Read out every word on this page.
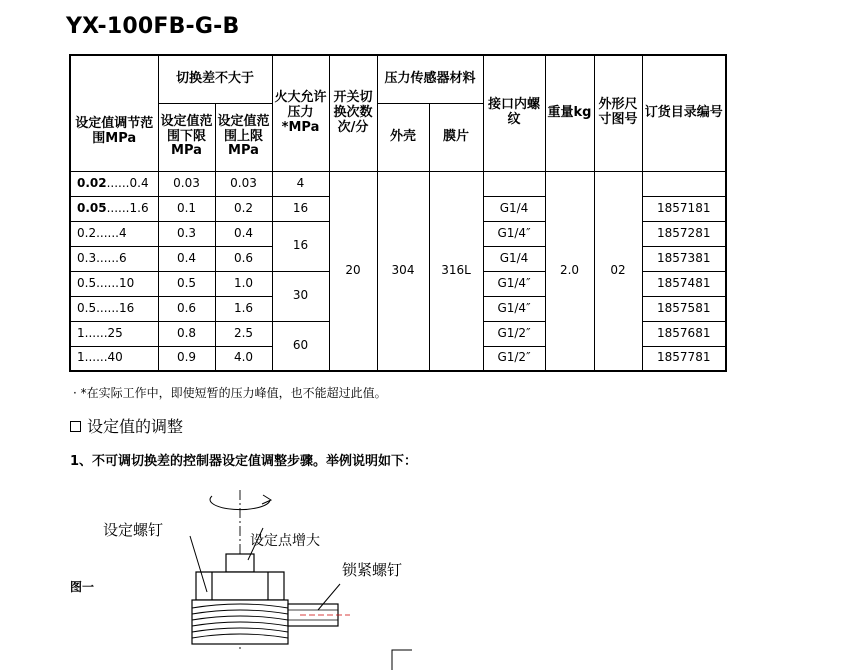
YX-100FB-G-B
设定值调节范围MPa	切换差不大于		火大允许压力*MPa	开关切换次数次/分	压力传感器材料		接口内螺纹	重量kg	外形尺寸图号	订货目录编号
	设定值范围下限MPa	设定值范围上限MPa			外壳	膜片				
0.02......0.4	0.03	0.03	4	20	304	316L		2.0	02	
0.05......1.6	0.1	0.2	16				G1/4			1857181
0.2......4	0.3	0.4	16				G1/4″			1857281
0.3......6	0.4	0.6					G1/4			1857381
0.5......10	0.5	1.0	30				G1/4″			1857481
0.5......16	0.6	1.6					G1/4″			1857581
1......25	0.8	2.5	60				G1/2″			1857681
1......40	0.9	4.0					G1/2″			1857781
· *在实际工作中，即使短暂的压力峰值，也不能超过此值。
设定值的调整
1、不可调切换差的控制器设定值调整步骤。举例说明如下：
图一
设定螺钉
设定点增大
锁紧螺钉
